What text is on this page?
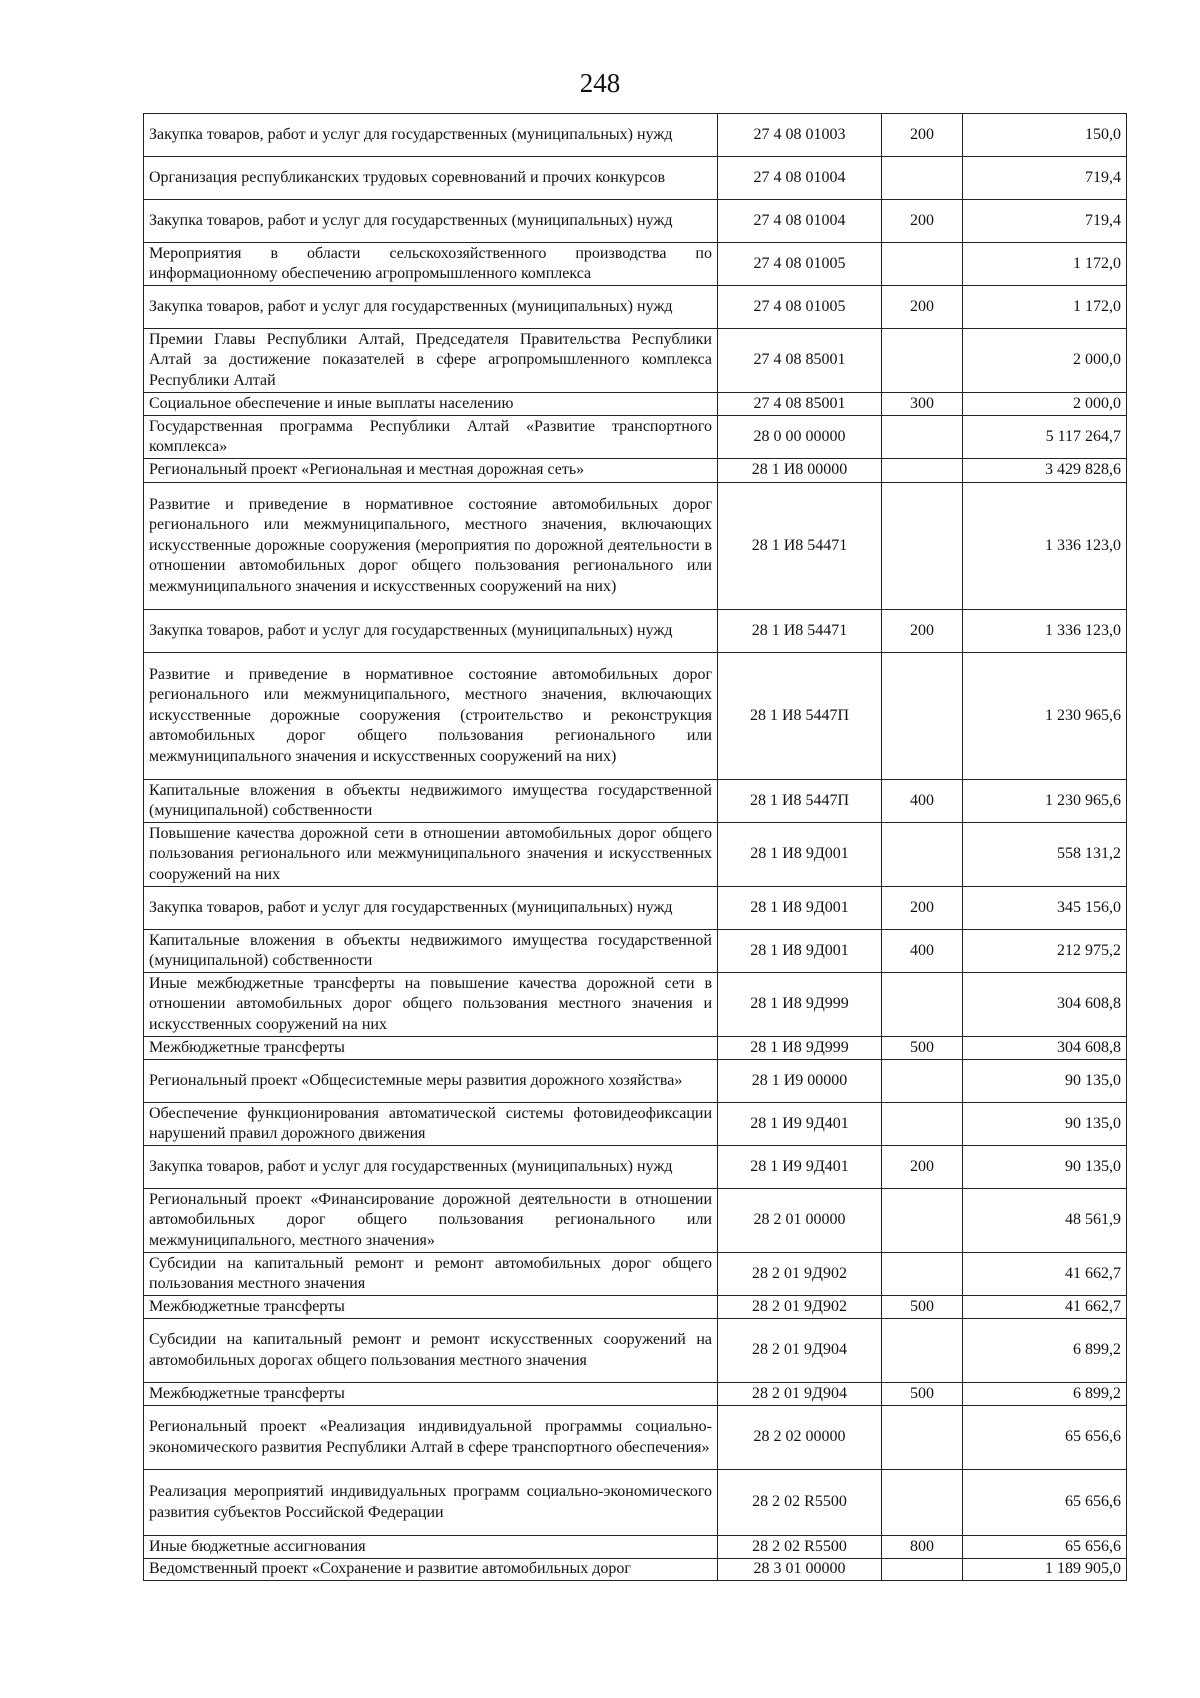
248
Закупка товаров, работ и услуг для государственных (муниципальных) нужд	27 4 08 01003	200	150,0
Организация республиканских трудовых соревнований и прочих конкурсов	27 4 08 01004		719,4
Закупка товаров, работ и услуг для государственных (муниципальных) нужд	27 4 08 01004	200	719,4
Мероприятия в области сельскохозяйственного производства по информационному обеспечению агропромышленного комплекса	27 4 08 01005		1 172,0
Закупка товаров, работ и услуг для государственных (муниципальных) нужд	27 4 08 01005	200	1 172,0
Премии Главы Республики Алтай, Председателя Правительства Республики Алтай за достижение показателей в сфере агропромышленного комплекса Республики Алтай	27 4 08 85001		2 000,0
Социальное обеспечение и иные выплаты населению	27 4 08 85001	300	2 000,0
Государственная программа Республики Алтай «Развитие транспортного комплекса»	28 0 00 00000		5 117 264,7
Региональный проект «Региональная и местная дорожная сеть»	28 1 И8 00000		3 429 828,6
Развитие и приведение в нормативное состояние автомобильных дорог регионального или межмуниципального, местного значения, включающих искусственные дорожные сооружения (мероприятия по дорожной деятельности в отношении автомобильных дорог общего пользования регионального или межмуниципального значения и искусственных сооружений на них)	28 1 И8 54471		1 336 123,0
Закупка товаров, работ и услуг для государственных (муниципальных) нужд	28 1 И8 54471	200	1 336 123,0
Развитие и приведение в нормативное состояние автомобильных дорог регионального или межмуниципального, местного значения, включающих искусственные дорожные сооружения (строительство и реконструкция автомобильных дорог общего пользования регионального или межмуниципального значения и искусственных сооружений на них)	28 1 И8 5447П		1 230 965,6
Капитальные вложения в объекты недвижимого имущества государственной (муниципальной) собственности	28 1 И8 5447П	400	1 230 965,6
Повышение качества дорожной сети в отношении автомобильных дорог общего пользования регионального или межмуниципального значения и искусственных сооружений на них	28 1 И8 9Д001		558 131,2
Закупка товаров, работ и услуг для государственных (муниципальных) нужд	28 1 И8 9Д001	200	345 156,0
Капитальные вложения в объекты недвижимого имущества государственной (муниципальной) собственности	28 1 И8 9Д001	400	212 975,2
Иные межбюджетные трансферты на повышение качества дорожной сети в отношении автомобильных дорог общего пользования местного значения и искусственных сооружений на них	28 1 И8 9Д999		304 608,8
Межбюджетные трансферты	28 1 И8 9Д999	500	304 608,8
Региональный проект «Общесистемные меры развития дорожного хозяйства»	28 1 И9 00000		90 135,0
Обеспечение функционирования автоматической системы фотовидеофиксации нарушений правил дорожного движения	28 1 И9 9Д401		90 135,0
Закупка товаров, работ и услуг для государственных (муниципальных) нужд	28 1 И9 9Д401	200	90 135,0
Региональный проект «Финансирование дорожной деятельности в отношении автомобильных дорог общего пользования регионального или межмуниципального, местного значения»	28 2 01 00000		48 561,9
Субсидии на капитальный ремонт и ремонт автомобильных дорог общего пользования местного значения	28 2 01 9Д902		41 662,7
Межбюджетные трансферты	28 2 01 9Д902	500	41 662,7
Субсидии на капитальный ремонт и ремонт искусственных сооружений на автомобильных дорогах общего пользования местного значения	28 2 01 9Д904		6 899,2
Межбюджетные трансферты	28 2 01 9Д904	500	6 899,2
Региональный проект «Реализация индивидуальной программы социально-экономического развития Республики Алтай в сфере транспортного обеспечения»	28 2 02 00000		65 656,6
Реализация мероприятий индивидуальных программ социально-экономического развития субъектов Российской Федерации	28 2 02 R5500		65 656,6
Иные бюджетные ассигнования	28 2 02 R5500	800	65 656,6
Ведомственный проект «Сохранение и развитие автомобильных дорог	28 3 01 00000		1 189 905,0
